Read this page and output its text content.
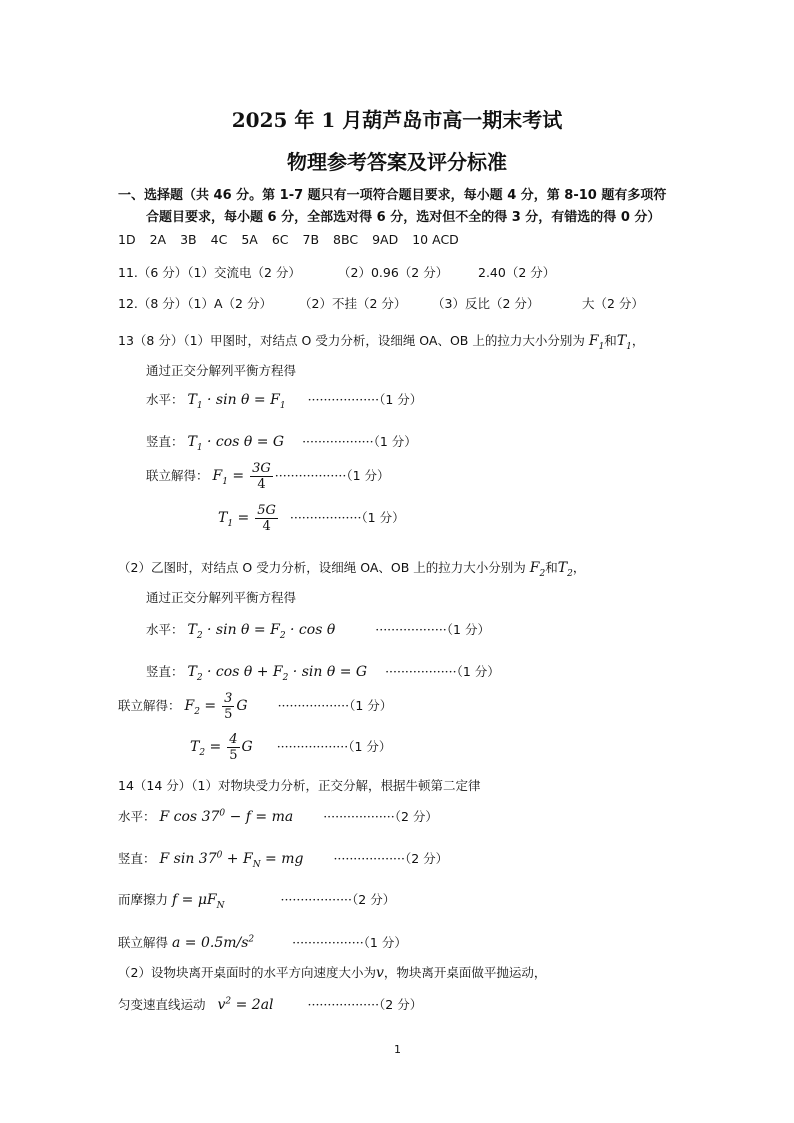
2025 年 1 月葫芦岛市高一期末考试
物理参考答案及评分标准
一、选择题（共 46 分。第 1-7 题只有一项符合题目要求，每小题 4 分，第 8-10 题有多项符
合题目要求，每小题 6 分，全部选对得 6 分，选对但不全的得 3 分，有错选的得 0 分）
1D 2A 3B 4C 5A 6C 7B 8BC 9AD 10 ACD
11.（6 分）（1）交流电（2 分）	（2）0.96（2 分） 2.40（2 分）
12.（8 分）（1）A（2 分） （2）不挂（2 分） （3）反比（2 分）	大（2 分）
13（8 分）（1）甲图时，对结点 O 受力分析，设细绳 OA、OB 上的拉力大小分别为 $F_1$和$T_1$，
通过正交分解列平衡方程得
水平： $T_1 \cdot \sin \theta = F_1 \cdot\cdot\cdot\cdot\cdot\cdot\cdot\cdot\cdot\cdot\cdot\cdot\cdot\cdot\cdot\cdot\cdot\cdot(1$ 分）
竖直： $T_1 \cdot \cos \theta = G \cdot\cdot\cdot\cdot\cdot\cdot\cdot\cdot\cdot\cdot\cdot\cdot\cdot\cdot\cdot\cdot\cdot\cdot(1$ 分）
联立解得： $F_1 = \frac{3G}{4} \cdot\cdot\cdot\cdot\cdot\cdot\cdot\cdot\cdot\cdot\cdot\cdot\cdot\cdot\cdot\cdot\cdot\cdot(1$ 分）
$T_1 = \frac{5G}{4} \cdot\cdot\cdot\cdot\cdot\cdot\cdot\cdot\cdot\cdot\cdot\cdot\cdot\cdot\cdot\cdot\cdot\cdot(1$ 分）
（2）乙图时，对结点 O 受力分析，设细绳 OA、OB 上的拉力大小分别为 $F_2$和$T_2$，
通过正交分解列平衡方程得
水平： $T_2 \cdot \sin \theta = F_2 \cdot \cos \theta$	··················（1 分）
竖直： $T_2 \cdot \cos \theta + F_2 \cdot \sin \theta = G \cdot\cdot\cdot\cdot\cdot\cdot\cdot\cdot\cdot\cdot\cdot\cdot\cdot\cdot\cdot\cdot\cdot\cdot(1$ 分）
联立解得： $F_2 = \frac{3}{5}$ G ··················（1 分）
$T_2 = \frac{4}{5}$ G ··················（1 分）
14（14 分）（1）对物块受力分析，正交分解，根据牛顿第二定律
水平： F $\cos 37^0 - f$ = ma ··················（2 分）
竖直： F $\sin 37^0 + F_N$ = mg ··················（2 分）
而摩擦力 $f = \mu F_N$	··················（2 分）
联立解得 $a = 0.5m/s^2$	··················（1 分）
（2）设物块离开桌面时的水平方向速度大小为v，物块离开桌面做平抛运动，
匀变速直线运动 $v^2 = 2al$	··················（2 分）
1
